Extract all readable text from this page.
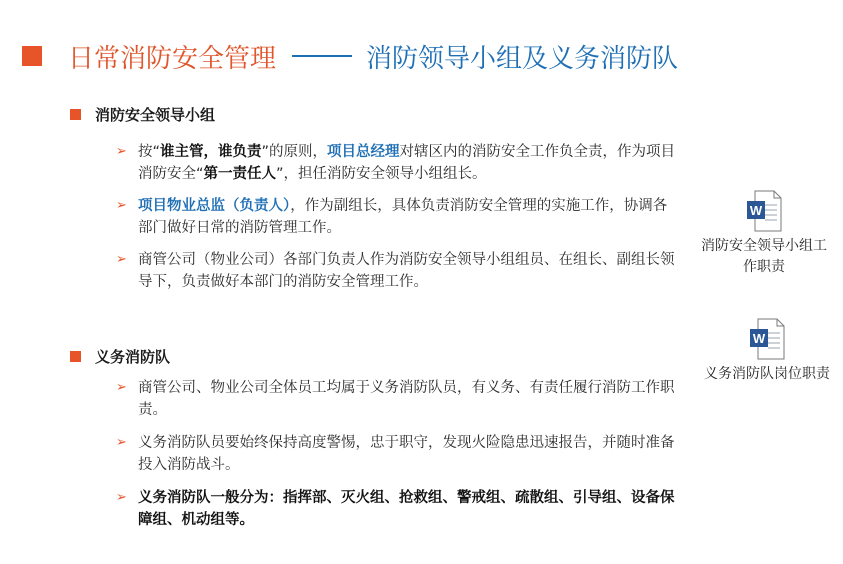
日常消防安全管理	消防领导小组及义务消防队
消防安全领导小组
➢ 按“谁主管，谁负责”的原则，项目总经理对辖区内的消防安全工作负全责，作为项目消防安全“第一责任人”，担任消防安全领导小组组长。
➢ 项目物业总监（负责人），作为副组长，具体负责消防安全管理的实施工作，协调各部门做好日常的消防管理工作。
➢ 商管公司（物业公司）各部门负责人作为消防安全领导小组组员、在组长、副组长领导下，负责做好本部门的消防安全管理工作。
义务消防队
➢ 商管公司、物业公司全体员工均属于义务消防队员，有义务、有责任履行消防工作职责。
➢ 义务消防队员要始终保持高度警惕，忠于职守，发现火险隐患迅速报告，并随时准备投入消防战斗。
➢ 义务消防队一般分为：指挥部、灭火组、抢救组、警戒组、疏散组、引导组、设备保障组、机动组等。
W
消防安全领导小组工作职责
W
义务消防队岗位职责
